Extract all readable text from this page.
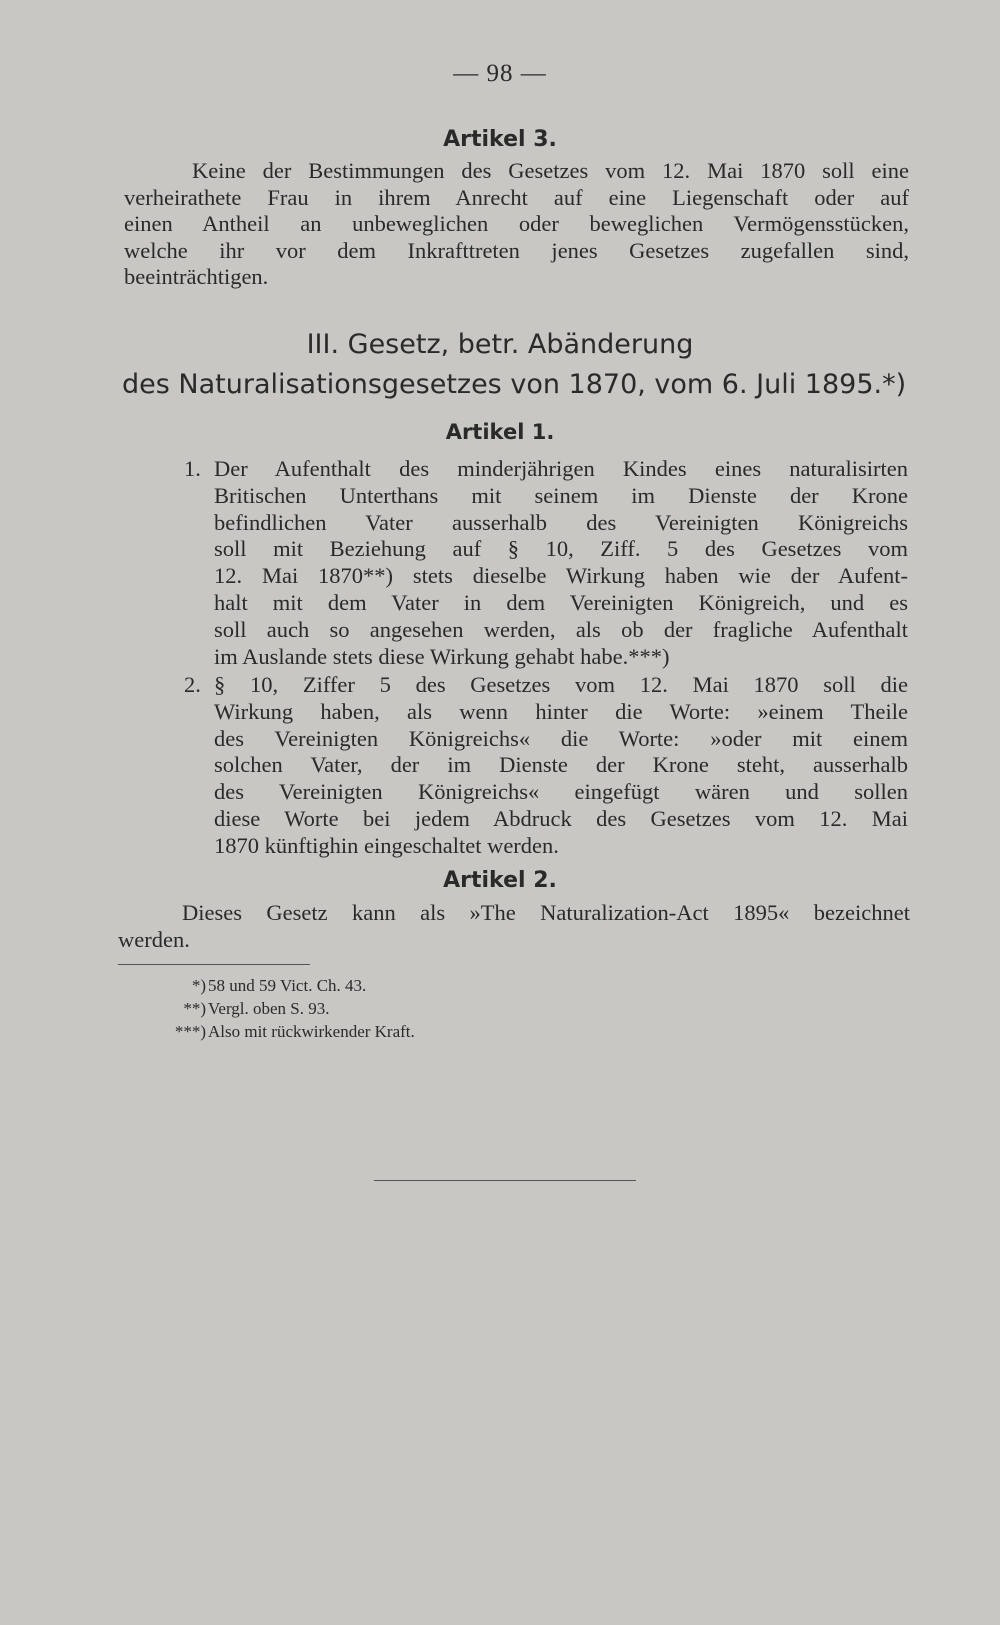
— 98 —
Artikel 3.
Keine der Bestimmungen des Gesetzes vom 12. Mai 1870 soll eine
verheirathete Frau in ihrem Anrecht auf eine Liegenschaft oder auf
einen Antheil an unbeweglichen oder beweglichen Vermögensstücken,
welche ihr vor dem Inkrafttreten jenes Gesetzes zugefallen sind,
beeinträchtigen.
III. Gesetz, betr. Abänderung
des Naturalisationsgesetzes von 1870, vom 6. Juli 1895.*)
Artikel 1.
1. Der Aufenthalt des minderjährigen Kindes eines naturalisirten
Britischen Unterthans mit seinem im Dienste der Krone
befindlichen Vater ausserhalb des Vereinigten Königreichs
soll mit Beziehung auf § 10, Ziff. 5 des Gesetzes vom
12. Mai 1870**) stets dieselbe Wirkung haben wie der Aufent-
halt mit dem Vater in dem Vereinigten Königreich, und es
soll auch so angesehen werden, als ob der fragliche Aufenthalt
im Auslande stets diese Wirkung gehabt habe.***)
2. § 10, Ziffer 5 des Gesetzes vom 12. Mai 1870 soll die
Wirkung haben, als wenn hinter die Worte: »einem Theile
des Vereinigten Königreichs« die Worte: »oder mit einem
solchen Vater, der im Dienste der Krone steht, ausserhalb
des Vereinigten Königreichs« eingefügt wären und sollen
diese Worte bei jedem Abdruck des Gesetzes vom 12. Mai
1870 künftighin eingeschaltet werden.
Artikel 2.
Dieses Gesetz kann als »The Naturalization-Act 1895« bezeichnet
werden.
*) 58 und 59 Vict. Ch. 43.
**) Vergl. oben S. 93.
***) Also mit rückwirkender Kraft.
